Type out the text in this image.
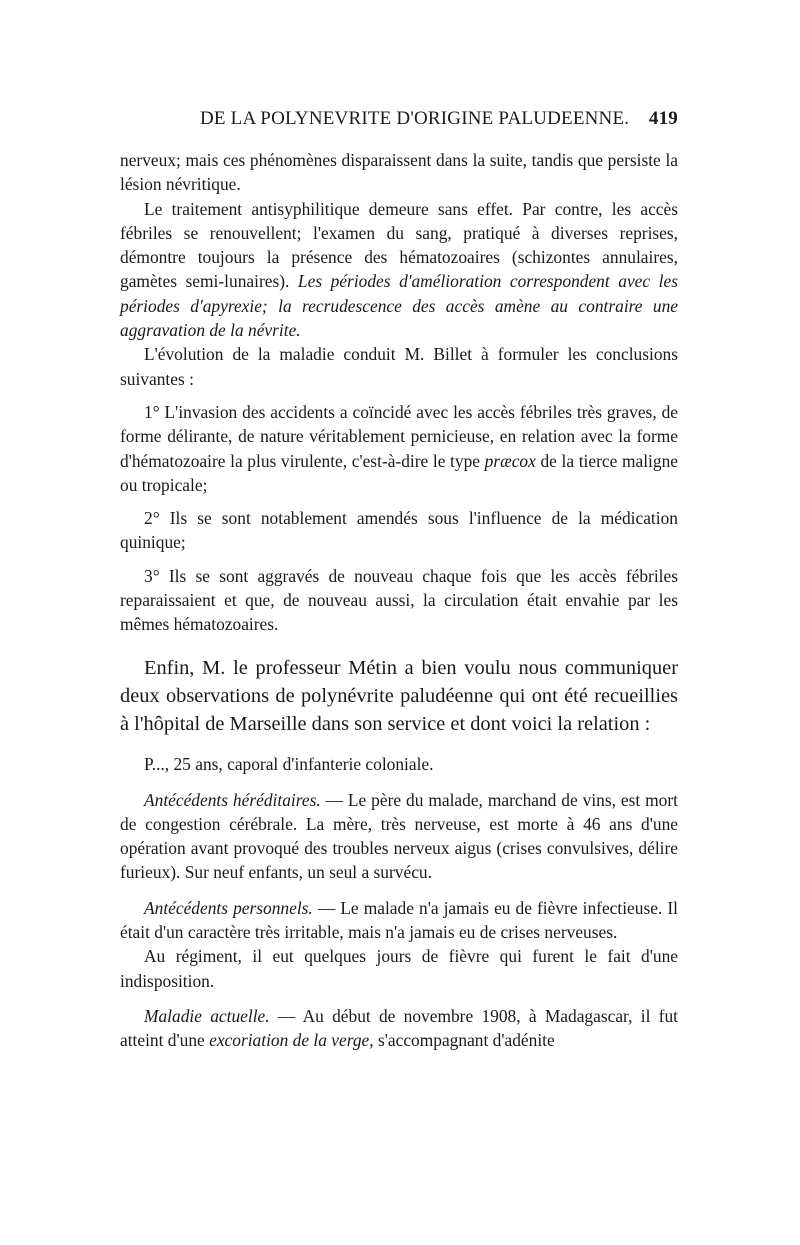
DE LA POLYNEVRITE D'ORIGINE PALUDEENNE. 419

nerveux; mais ces phénomènes disparaissent dans la suite, tandis que persiste la lésion névritique.

Le traitement antisyphilitique demeure sans effet. Par contre, les accès fébriles se renouvellent; l'examen du sang, pratiqué à diverses reprises, démontre toujours la présence des hématozoaires (schizontes annulaires, gamètes semi-lunaires). Les périodes d'amélioration correspondent avec les périodes d'apyrexie; la recrudescence des accès amène au contraire une aggravation de la névrite.

L'évolution de la maladie conduit M. Billet à formuler les conclusions suivantes :

1° L'invasion des accidents a coïncidé avec les accès fébriles très graves, de forme délirante, de nature véritablement pernicieuse, en relation avec la forme d'hématozoaire la plus virulente, c'est-à-dire le type præcox de la tierce maligne ou tropicale;

2° Ils se sont notablement amendés sous l'influence de la médication quinique;

3° Ils se sont aggravés de nouveau chaque fois que les accès fébriles reparaissaient et que, de nouveau aussi, la circulation était envahie par les mêmes hématozoaires.

Enfin, M. le professeur Métin a bien voulu nous communiquer deux observations de polynévrite paludéenne qui ont été recueillies à l'hôpital de Marseille dans son service et dont voici la relation :

P..., 25 ans, caporal d'infanterie coloniale.

Antécédents héréditaires. — Le père du malade, marchand de vins, est mort de congestion cérébrale. La mère, très nerveuse, est morte à 46 ans d'une opération avant provoqué des troubles nerveux aigus (crises convulsives, délire furieux). Sur neuf enfants, un seul a survécu.

Antécédents personnels. — Le malade n'a jamais eu de fièvre infectieuse. Il était d'un caractère très irritable, mais n'a jamais eu de crises nerveuses.

Au régiment, il eut quelques jours de fièvre qui furent le fait d'une indisposition.

Maladie actuelle. — Au début de novembre 1908, à Madagascar, il fut atteint d'une excoriation de la verge, s'accompagnant d'adénite
